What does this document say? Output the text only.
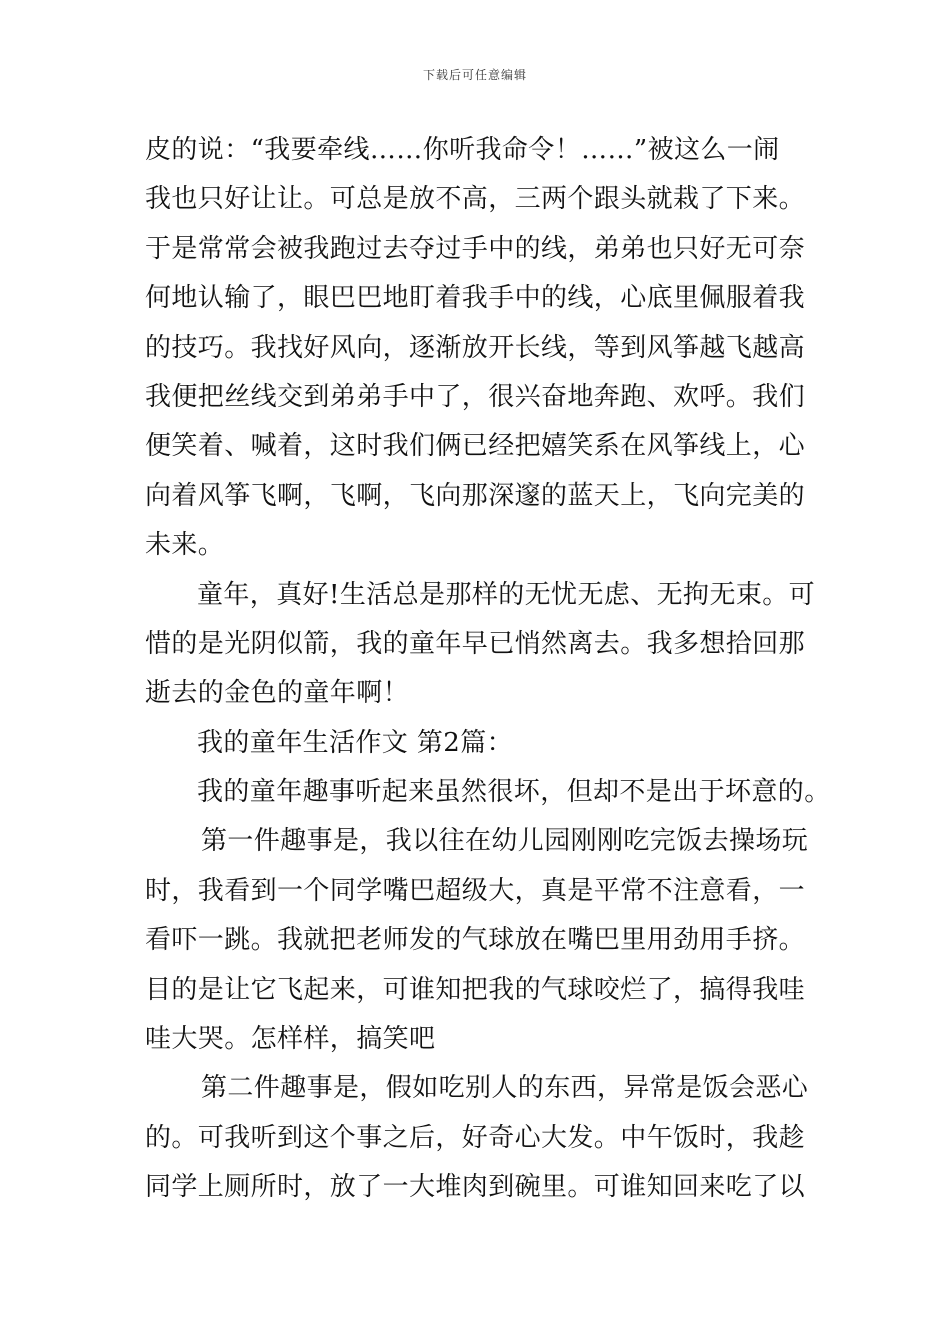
下载后可任意编辑
皮的说：“我要牵线……你听我命令！……”被这么一闹
我也只好让让。可总是放不高，三两个跟头就栽了下来。
于是常常会被我跑过去夺过手中的线，弟弟也只好无可奈
何地认输了，眼巴巴地盯着我手中的线，心底里佩服着我
的技巧。我找好风向，逐渐放开长线，等到风筝越飞越高
我便把丝线交到弟弟手中了，很兴奋地奔跑、欢呼。我们
便笑着、喊着，这时我们俩已经把嬉笑系在风筝线上，心
向着风筝飞啊，飞啊，飞向那深邃的蓝天上，飞向完美的
未来。
童年，真好!生活总是那样的无忧无虑、无拘无束。可
惜的是光阴似箭，我的童年早已悄然离去。我多想拾回那
逝去的金色的童年啊！
我的童年生活作文 第2篇：
我的童年趣事听起来虽然很坏，但却不是出于坏意的。
第一件趣事是，我以往在幼儿园刚刚吃完饭去操场玩
时，我看到一个同学嘴巴超级大，真是平常不注意看，一
看吓一跳。我就把老师发的气球放在嘴巴里用劲用手挤。
目的是让它飞起来，可谁知把我的气球咬烂了，搞得我哇
哇大哭。怎样样，搞笑吧
第二件趣事是，假如吃别人的东西，异常是饭会恶心
的。可我听到这个事之后，好奇心大发。中午饭时，我趁
同学上厕所时，放了一大堆肉到碗里。可谁知回来吃了以
